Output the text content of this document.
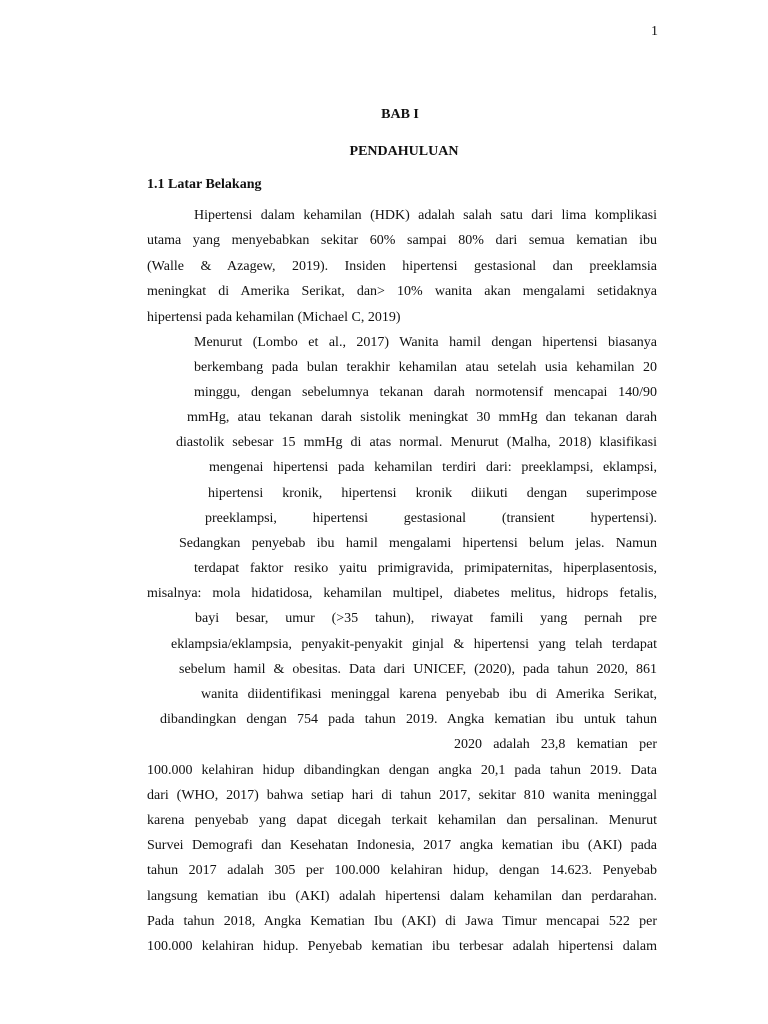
1
BAB I
PENDAHULUAN
1.1 Latar Belakang
Hipertensi dalam kehamilan (HDK) adalah salah satu dari lima komplikasi
utama yang menyebabkan sekitar 60% sampai 80% dari semua kematian ibu
(Walle & Azagew, 2019). Insiden hipertensi gestasional dan preeklamsia
meningkat di Amerika Serikat, dan> 10% wanita akan mengalami setidaknya
hipertensi pada kehamilan (Michael C, 2019)
Menurut (Lombo et al., 2017) Wanita hamil dengan hipertensi biasanya
berkembang pada bulan terakhir kehamilan atau setelah usia kehamilan 20
minggu, dengan sebelumnya tekanan darah normotensif mencapai 140/90
mmHg, atau tekanan darah sistolik meningkat 30 mmHg dan tekanan darah
diastolik sebesar 15 mmHg di atas normal. Menurut (Malha, 2018) klasifikasi
mengenai hipertensi pada kehamilan terdiri dari: preeklampsi, eklampsi,
hipertensi kronik, hipertensi kronik diikuti dengan superimpose
preeklampsi, hipertensi gestasional (transient hypertensi).
Sedangkan penyebab ibu hamil mengalami hipertensi belum jelas. Namun
terdapat faktor resiko yaitu primigravida, primipaternitas, hiperplasentosis,
misalnya: mola hidatidosa, kehamilan multipel, diabetes melitus, hidrops fetalis,
bayi besar, umur (>35 tahun), riwayat famili yang pernah pre
eklampsia/eklampsia, penyakit-penyakit ginjal & hipertensi yang telah terdapat
sebelum hamil & obesitas. Data dari UNICEF, (2020), pada tahun 2020, 861
wanita diidentifikasi meninggal karena penyebab ibu di Amerika Serikat,
dibandingkan dengan 754 pada tahun 2019. Angka kematian ibu untuk tahun
2020 adalah 23,8 kematian per
100.000 kelahiran hidup dibandingkan dengan angka 20,1 pada tahun 2019. Data
dari (WHO, 2017) bahwa setiap hari di tahun 2017, sekitar 810 wanita meninggal
karena penyebab yang dapat dicegah terkait kehamilan dan persalinan. Menurut
Survei Demografi dan Kesehatan Indonesia, 2017 angka kematian ibu (AKI) pada
tahun 2017 adalah 305 per 100.000 kelahiran hidup, dengan 14.623. Penyebab
langsung kematian ibu (AKI) adalah hipertensi dalam kehamilan dan perdarahan.
Pada tahun 2018, Angka Kematian Ibu (AKI) di Jawa Timur mencapai 522 per
100.000 kelahiran hidup. Penyebab kematian ibu terbesar adalah hipertensi dalam
